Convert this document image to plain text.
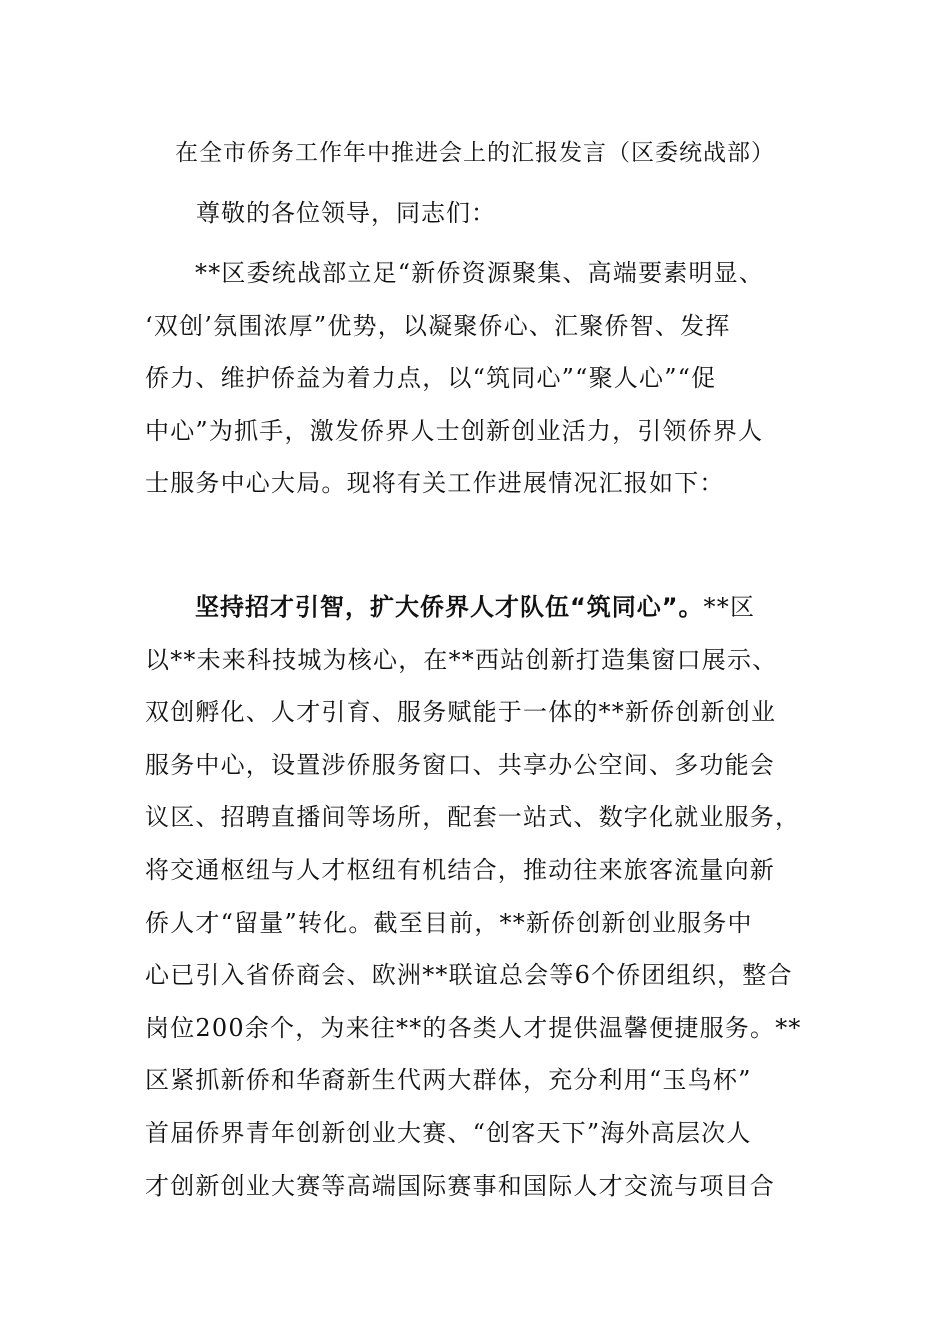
在全市侨务工作年中推进会上的汇报发言（区委统战部）

尊敬的各位领导，同志们：

**区委统战部立足“新侨资源聚集、高端要素明显、
‘双创’氛围浓厚”优势，以凝聚侨心、汇聚侨智、发挥
侨力、维护侨益为着力点，以“筑同心”“聚人心”“促
中心”为抓手，激发侨界人士创新创业活力，引领侨界人
士服务中心大局。现将有关工作进展情况汇报如下：
坚持招才引智，扩大侨界人才队伍“筑同心”。**区
以**未来科技城为核心，在**西站创新打造集窗口展示、
双创孵化、人才引育、服务赋能于一体的**新侨创新创业
服务中心，设置涉侨服务窗口、共享办公空间、多功能会
议区、招聘直播间等场所，配套一站式、数字化就业服务，
将交通枢纽与人才枢纽有机结合，推动往来旅客流量向新
侨人才“留量”转化。截至目前，**新侨创新创业服务中
心已引入省侨商会、欧洲**联谊总会等6个侨团组织，整合
岗位200余个，为来往**的各类人才提供温馨便捷服务。**
区紧抓新侨和华裔新生代两大群体，充分利用“玉鸟杯”
首届侨界青年创新创业大赛、“创客天下”海外高层次人
才创新创业大赛等高端国际赛事和国际人才交流与项目合
